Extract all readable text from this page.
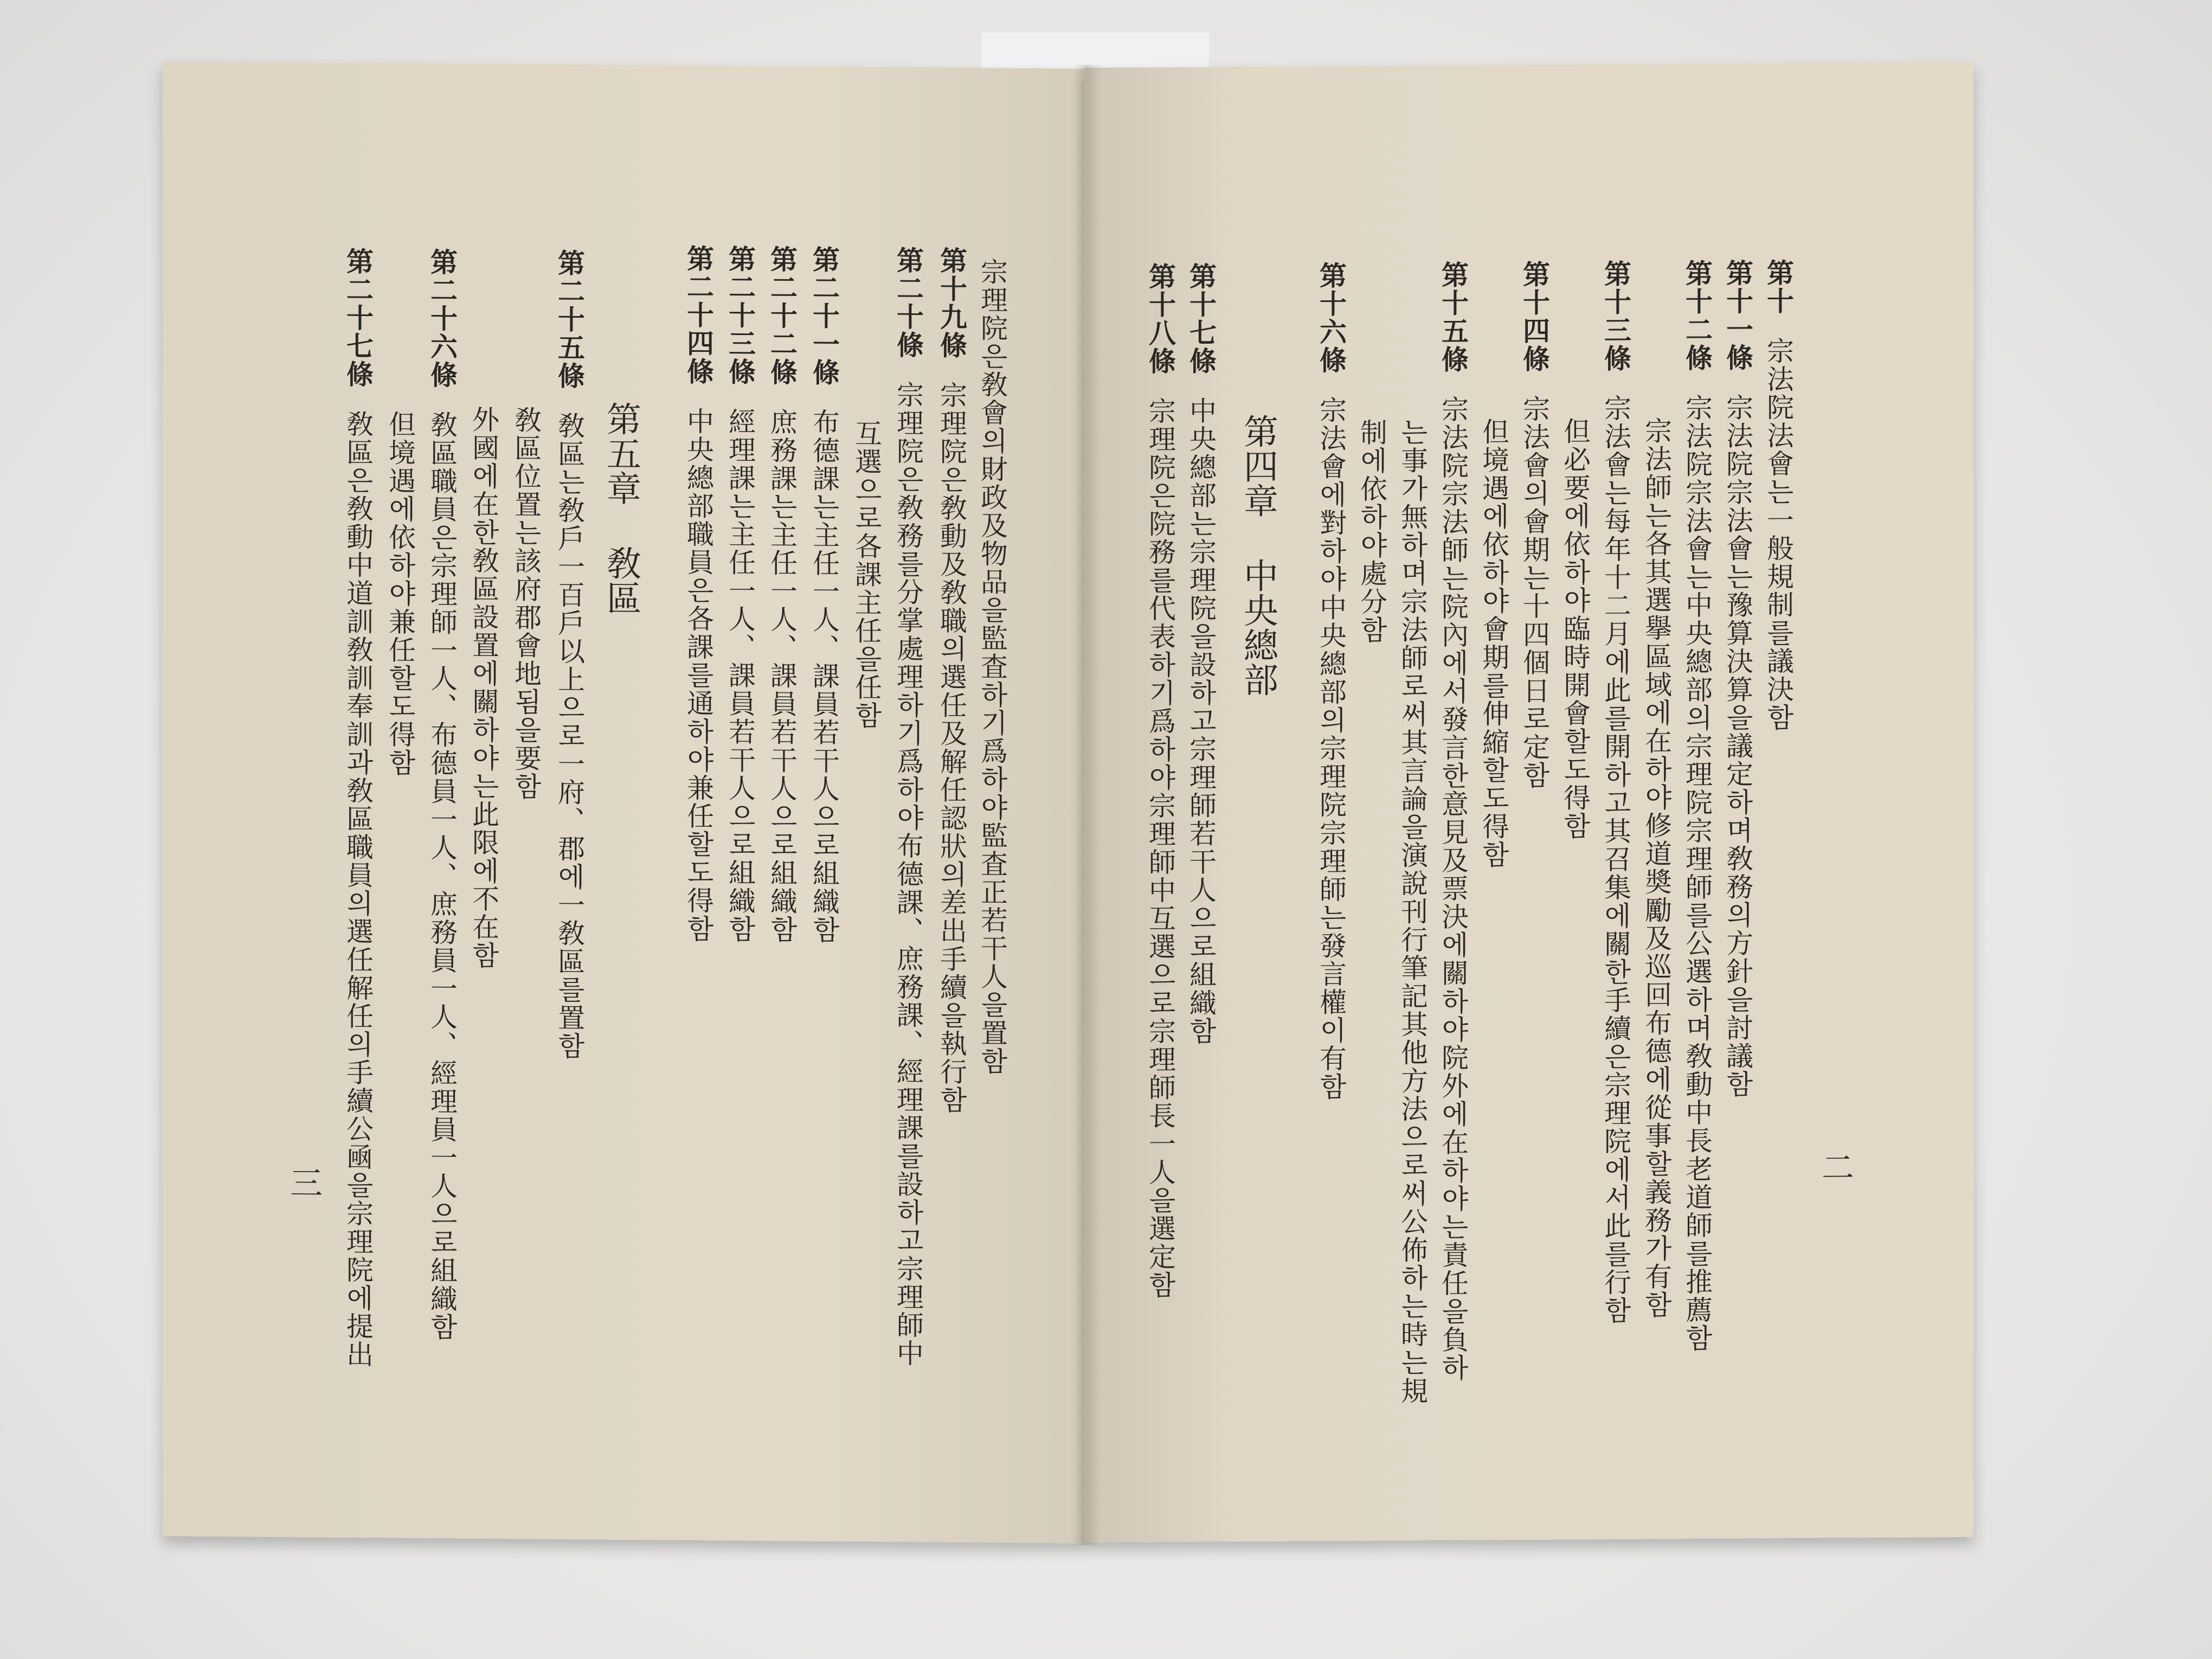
宗理院은敎會의財政及物品을監査하기爲하야監査正若干人을置함
第十九條宗理院은敎動及敎職의選任及解任認狀의差出手續을執行함
第二十條宗理院은敎務를分掌處理하기爲하야布德課、庶務課、經理課를設하고宗理師中
互選으로各課主任을任함
第二十一條布德課는主任一人、課員若干人으로組織함
第二十二條庶務課는主任一人、課員若干人으로組織함
第二十三條經理課는主任一人、課員若干人으로組織함
第二十四條中央總部職員은各課를通하야兼任할도得함
第五章 敎區
第二十五條敎區는敎戶一百戶以上으로一府、郡에一敎區를置함
敎區位置는該府郡會地됨을要함
外國에在한敎區設置에關하야는此限에不在함
第二十六條敎區職員은宗理師一人、布德員一人、庶務員一人、經理員一人으로組織함
但境遇에依하야兼任할도得함
第二十七條敎區은敎動中道訓敎訓奉訓과敎區職員의選任解任의手續公凾을宗理院에提出
三
第十宗法院法會는一般規制를議決함
第十一條宗法院宗法會는豫算決算을議定하며敎務의方針을討議함
第十二條宗法院宗法會는中央總部의宗理院宗理師를公選하며敎動中長老道師를推薦함
宗法師는各其選擧區域에在하야修道奬勵及巡回布德에從事할義務가有함
第十三條宗法會는每年十二月에此를開하고其召集에關한手續은宗理院에서此를行함
但必要에依하야臨時開會할도得함
第十四條宗法會의會期는十四個日로定함
但境遇에依하야會期를伸縮할도得함
第十五條宗法院宗法師는院內에서發言한意見及票決에關하야院外에在하야는責任을負하
는事가無하며宗法師로써其言論을演說刊行筆記其他方法으로써公佈하는時는規
制에依하야處分함
第十六條宗法會에對하야中央總部의宗理院宗理師는發言權이有함
第四章 中央總部
第十七條中央總部는宗理院을設하고宗理師若干人으로組織함
第十八條宗理院은院務를代表하기爲하야宗理師中互選으로宗理師長一人을選定함	二
